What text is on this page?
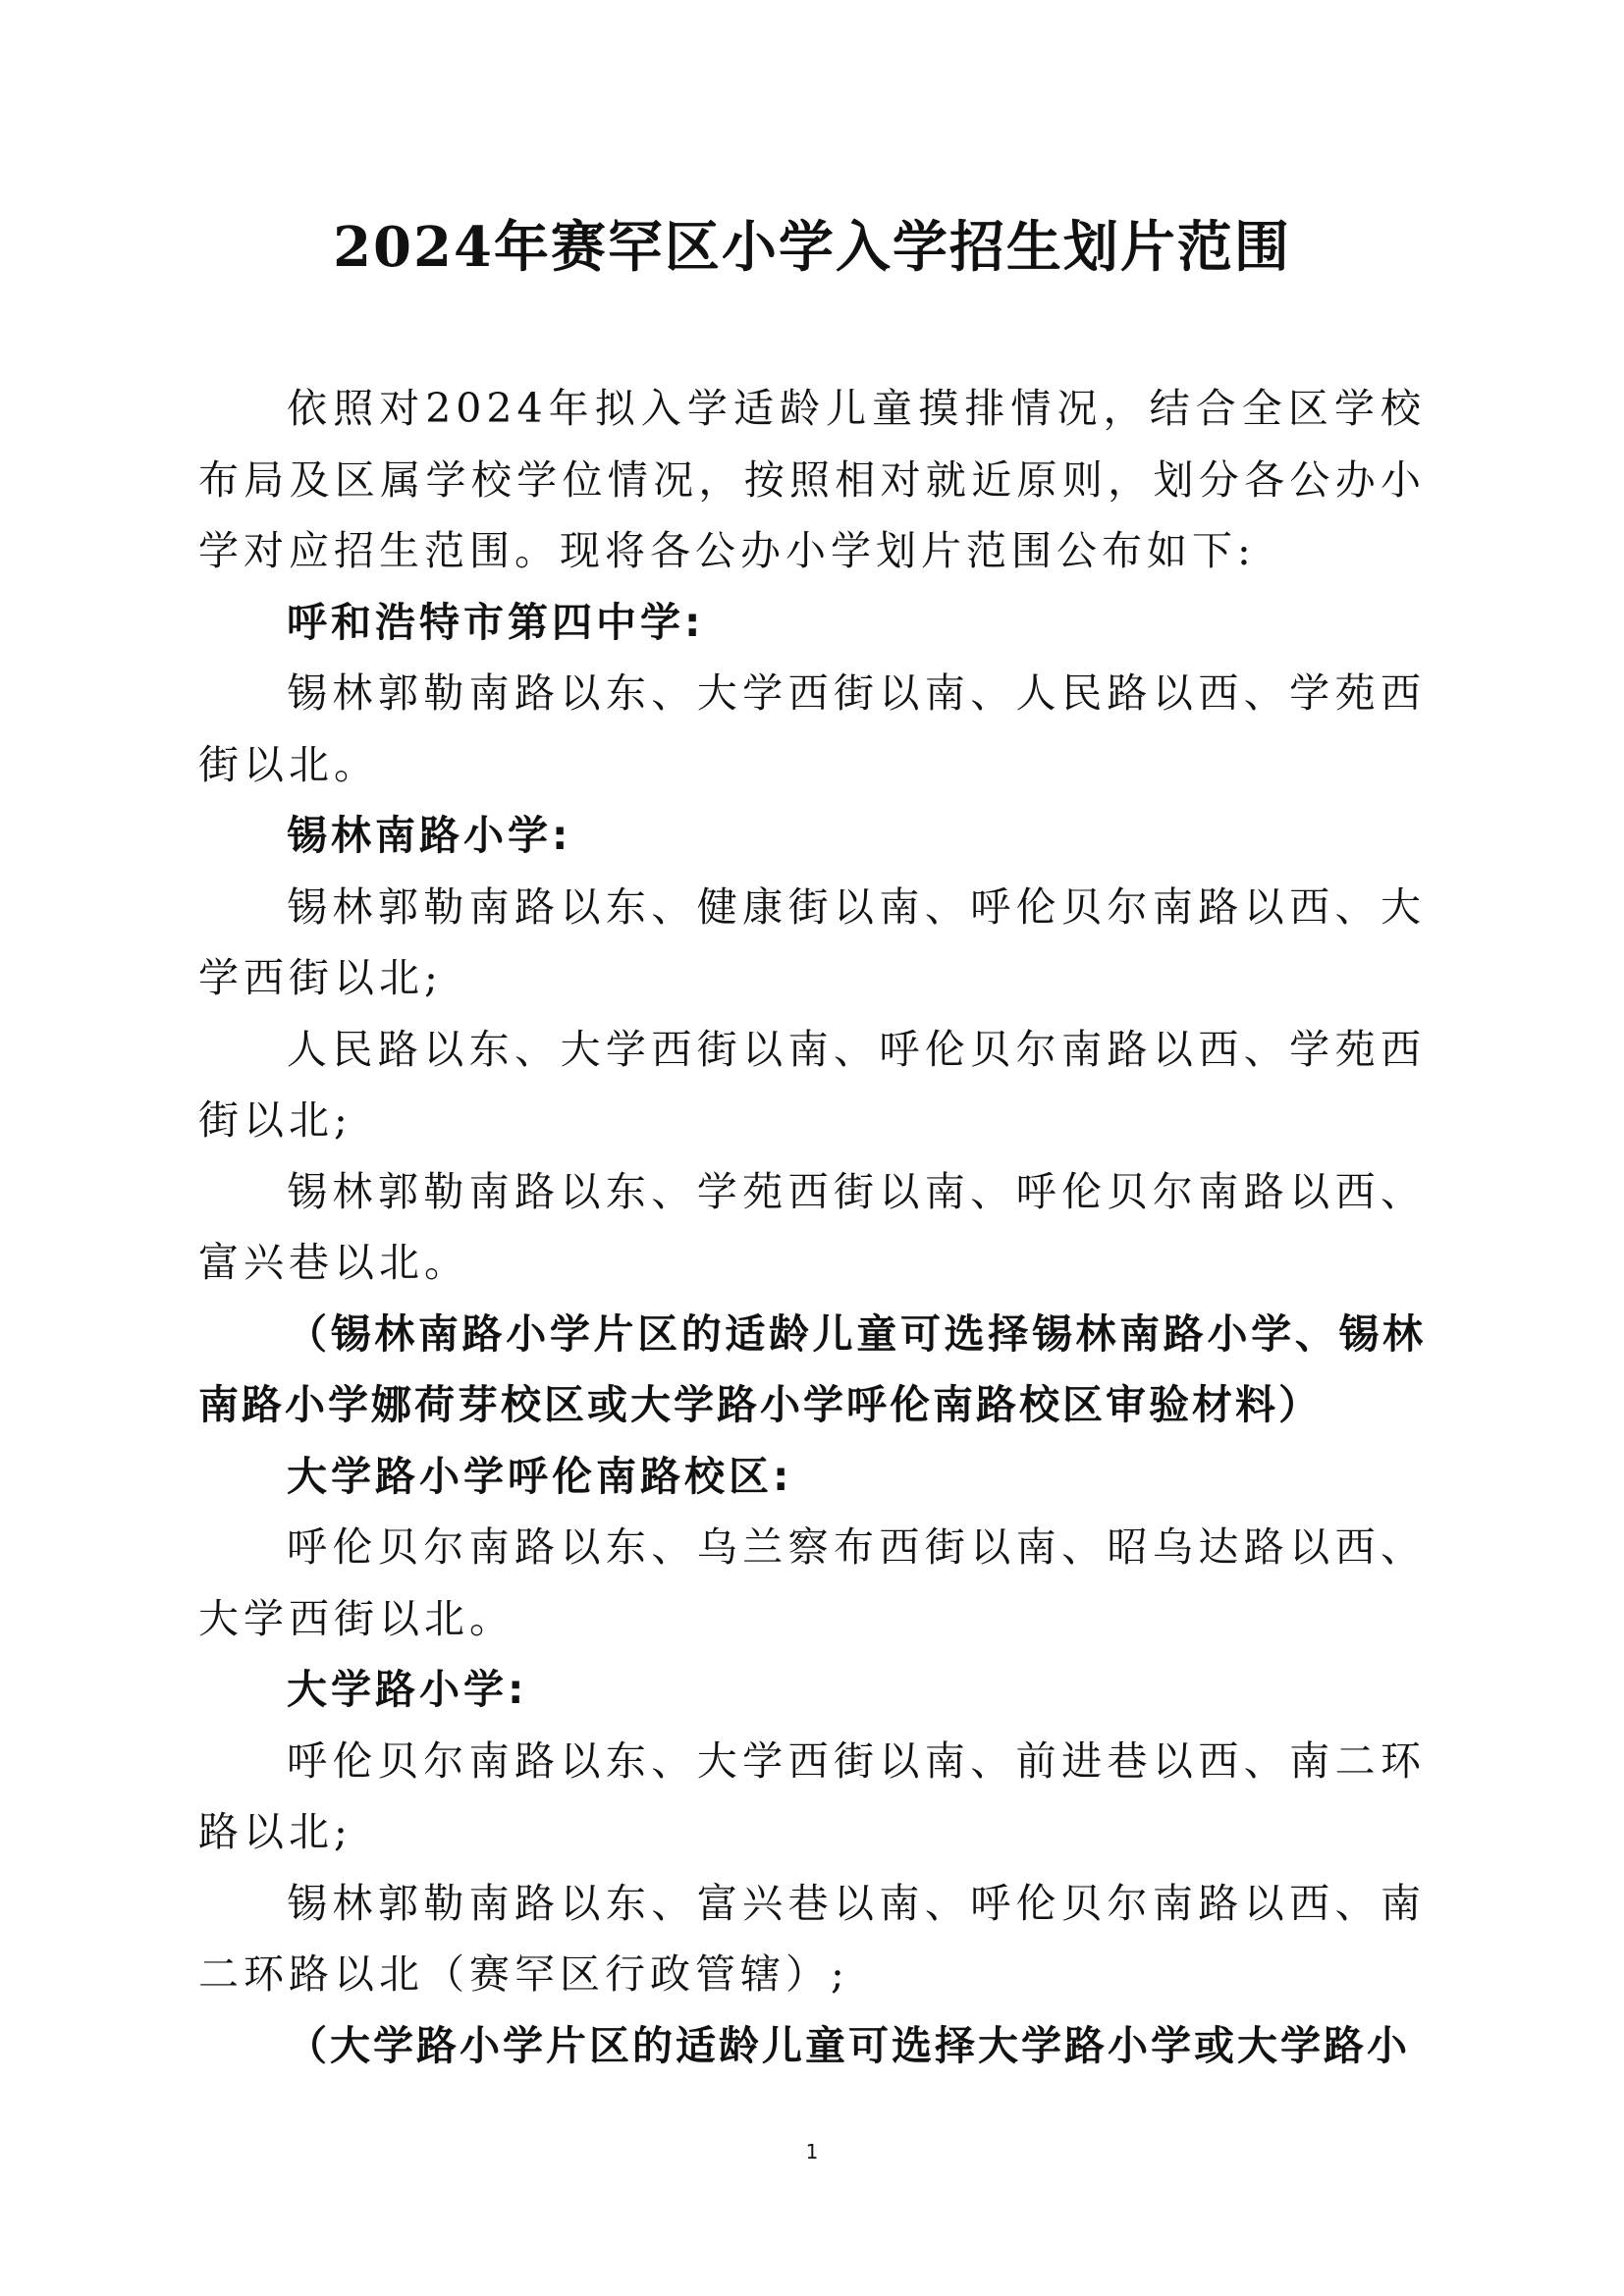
2024年赛罕区小学入学招生划片范围

依照对2024年拟入学适龄儿童摸排情况，结合全区学校布局及区属学校学位情况，按照相对就近原则，划分各公办小学对应招生范围。现将各公办小学划片范围公布如下:

呼和浩特市第四中学:

锡林郭勒南路以东、大学西街以南、人民路以西、学苑西街以北。

锡林南路小学:

锡林郭勒南路以东、健康街以南、呼伦贝尔南路以西、大学西街以北;

人民路以东、大学西街以南、呼伦贝尔南路以西、学苑西街以北;

锡林郭勒南路以东、学苑西街以南、呼伦贝尔南路以西、富兴巷以北。

（锡林南路小学片区的适龄儿童可选择锡林南路小学、锡林南路小学娜荷芽校区或大学路小学呼伦南路校区审验材料）

大学路小学呼伦南路校区:

呼伦贝尔南路以东、乌兰察布西街以南、昭乌达路以西、大学西街以北。

大学路小学:

呼伦贝尔南路以东、大学西街以南、前进巷以西、南二环路以北;

锡林郭勒南路以东、富兴巷以南、呼伦贝尔南路以西、南二环路以北（赛罕区行政管辖）;

（大学路小学片区的适龄儿童可选择大学路小学或大学路小

1
